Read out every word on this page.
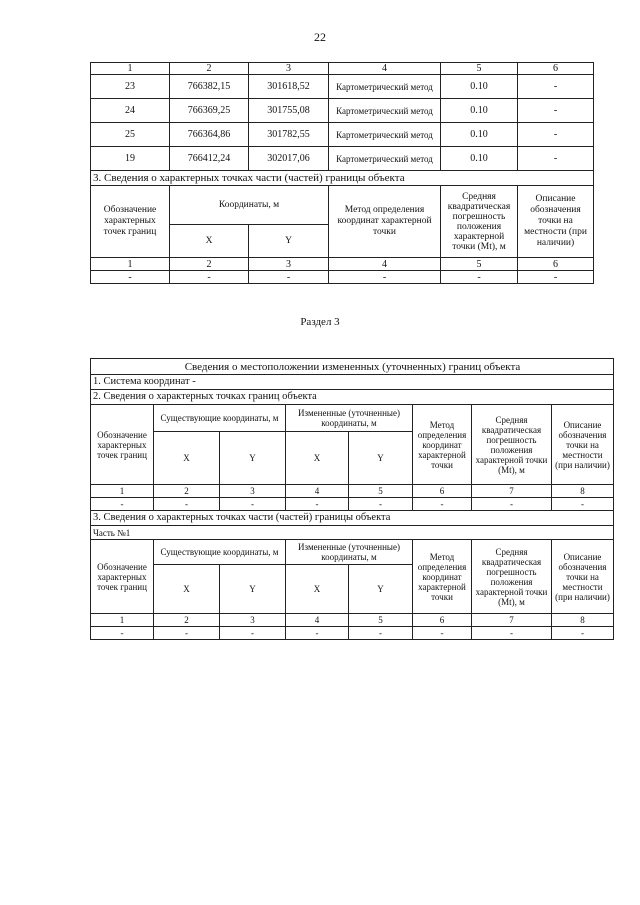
22
1	2	3	4	5	6
23	766382,15	301618,52	Картометрический метод	0.10	-
24	766369,25	301755,08	Картометрический метод	0.10	-
25	766364,86	301782,55	Картометрический метод	0.10	-
19	766412,24	302017,06	Картометрический метод	0.10	-
3. Сведения о характерных точках части (частей) границы объекта					
Обозначение характерных точек границ	Координаты, м		Метод определения координат характерной точки	Средняя квадратическая погрешность положения характерной точки (Mt), м	Описание обозначения точки на местности (при наличии)
	X	Y			
1	2	3	4	5	6
-	-	-	-	-	-
Раздел 3
Сведения о местоположении измененных (уточненных) границ объекта							
1. Система координат -							
2. Сведения о характерных точках границ объекта							
Обозначение характерных точек границ	Существующие координаты, м		Измененные (уточненные) координаты, м		Метод определения координат характерной точки	Средняя квадратическая погрешность положения характерной точки (Mt), м	Описание обозначения точки на местности (при наличии)
	X	Y	X	Y			
1	2	3	4	5	6	7	8
-	-	-	-	-	-	-	-
3. Сведения о характерных точках части (частей) границы объекта							
Часть №1							
Обозначение характерных точек границ	Существующие координаты, м		Измененные (уточненные) координаты, м		Метод определения координат характерной точки	Средняя квадратическая погрешность положения характерной точки (Mt), м	Описание обозначения точки на местности (при наличии)
	X	Y	X	Y			
1	2	3	4	5	6	7	8
-	-	-	-	-	-	-	-
